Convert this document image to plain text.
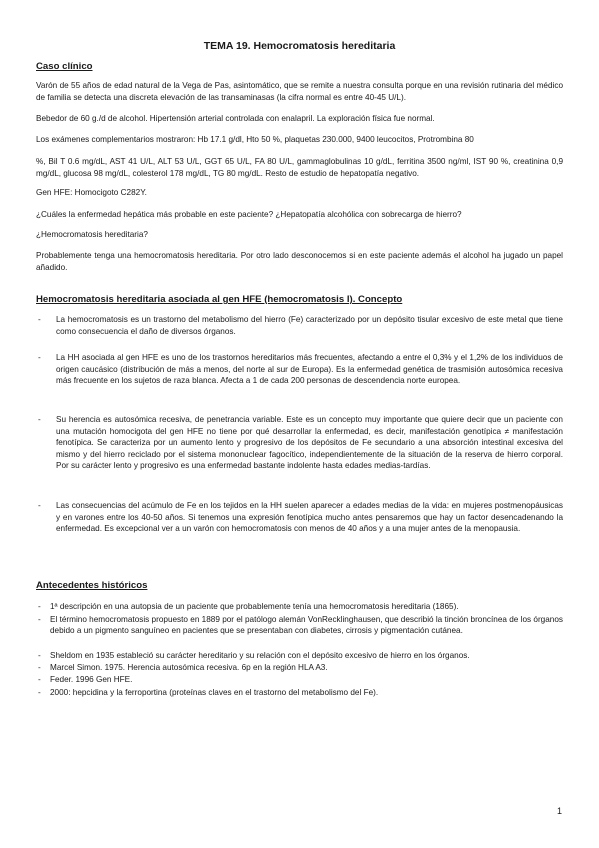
TEMA 19. Hemocromatosis hereditaria
Caso clínico

Varón de 55 años de edad natural de la Vega de Pas, asintomático, que se remite a nuestra consulta porque en una revisión rutinaria del médico de familia se detecta una discreta elevación de las transaminasas (la cifra normal es entre 40-45 U/L).

Bebedor de 60 g./d de alcohol. Hipertensión arterial controlada con enalapril. La exploración física fue normal.

Los exámenes complementarios mostraron: Hb 17.1 g/dl, Hto 50 %, plaquetas 230.000, 9400 leucocitos, Protrombina 80

%, Bil T 0.6 mg/dL, AST 41 U/L, ALT 53 U/L, GGT 65 U/L, FA 80 U/L, gammaglobulinas 10 g/dL, ferritina 3500 ng/ml, IST 90 %, creatinina 0,9 mg/dL, glucosa 98 mg/dL, colesterol 178 mg/dL, TG 80 mg/dL. Resto de estudio de hepatopatía negativo.

Gen HFE: Homocigoto C282Y.

¿Cuáles la enfermedad hepática más probable en este paciente? ¿Hepatopatía alcohólica con sobrecarga de hierro?

¿Hemocromatosis hereditaria?

Probablemente tenga una hemocromatosis hereditaria. Por otro lado desconocemos si en este paciente además el alcohol ha jugado un papel añadido.

Hemocromatosis hereditaria asociada al gen HFE (hemocromatosis I). Concepto
- La hemocromatosis es un trastorno del metabolismo del hierro (Fe) caracterizado por un depósito tisular excesivo de este metal que tiene como consecuencia el daño de diversos órganos.
- La HH asociada al gen HFE es uno de los trastornos hereditarios más frecuentes, afectando a entre el 0,3% y el 1,2% de los individuos de origen caucásico (distribución de más a menos, del norte al sur de Europa). Es la enfermedad genética de trasmisión autosómica recesiva más frecuente en los sujetos de raza blanca. Afecta a 1 de cada 200 personas de descendencia norte europea.
- Su herencia es autosómica recesiva, de penetrancia variable. Este es un concepto muy importante que quiere decir que un paciente con una mutación homocigota del gen HFE no tiene por qué desarrollar la enfermedad, es decir, manifestación genotípica ≠ manifestación fenotípica. Se caracteriza por un aumento lento y progresivo de los depósitos de Fe secundario a una absorción intestinal excesiva del mismo y del hierro reciclado por el sistema mononuclear fagocítico, independientemente de la situación de la reserva de hierro corporal. Por su carácter lento y progresivo es una enfermedad bastante indolente hasta edades medias-tardías.
- Las consecuencias del acúmulo de Fe en los tejidos en la HH suelen aparecer a edades medias de la vida: en mujeres postmenopáusicas y en varones entre los 40-50 años. Si tenemos una expresión fenotípica mucho antes pensaremos que hay un factor desencadenando la enfermedad. Es excepcional ver a un varón con hemocromatosis con menos de 40 años y a una mujer antes de la menopausia.
Antecedentes históricos
- 1ª descripción en una autopsia de un paciente que probablemente tenía una hemocromatosis hereditaria (1865).
- El término hemocromatosis propuesto en 1889 por el patólogo alemán VonRecklinghausen, que describió la tinción broncínea de los órganos debido a un pigmento sanguíneo en pacientes que se presentaban con diabetes, cirrosis y pigmentación cutánea.
- Sheldom en 1935 estableció su carácter hereditario y su relación con el depósito excesivo de hierro en los órganos.
- Marcel Simon. 1975. Herencia autosómica recesiva. 6p en la región HLA A3.
- Feder. 1996 Gen HFE.
- 2000: hepcidina y la ferroportina (proteínas claves en el trastorno del metabolismo del Fe).
1
